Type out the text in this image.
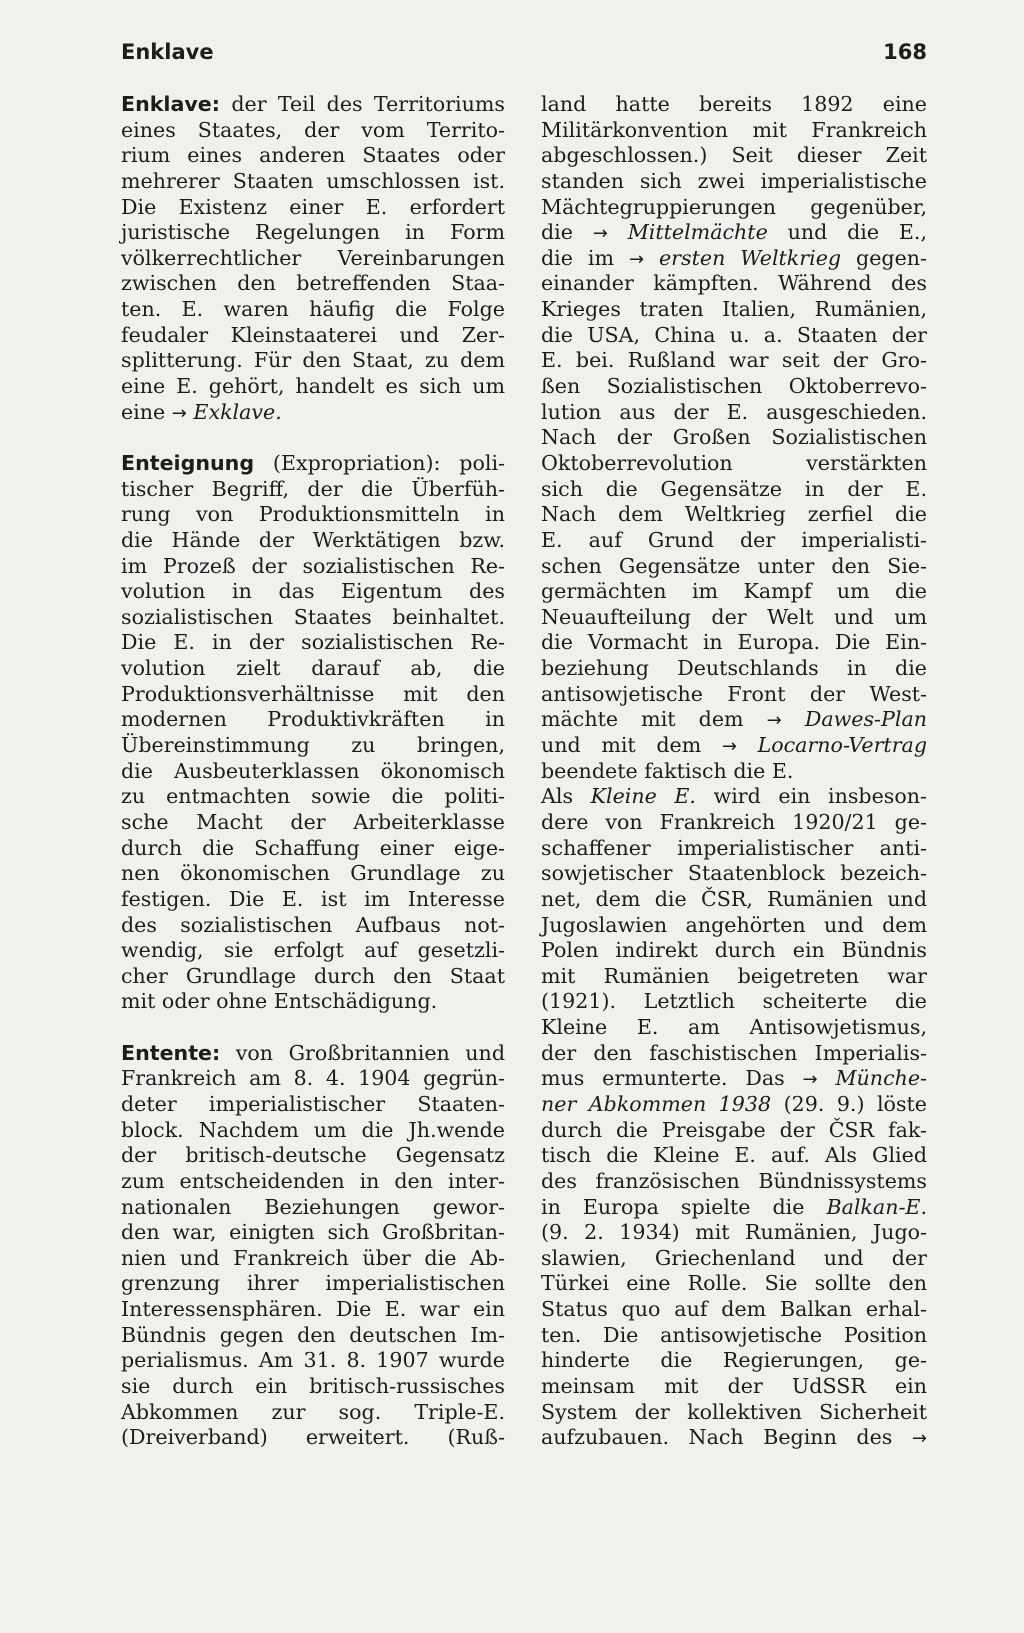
Enklave	168
Enklave: der Teil des Territoriums
eines Staates, der vom Territo-
rium eines anderen Staates oder
mehrerer Staaten umschlossen ist.
Die Existenz einer E. erfordert
juristische Regelungen in Form
völkerrechtlicher Vereinbarungen
zwischen den betreffenden Staa-
ten. E. waren häufig die Folge
feudaler Kleinstaaterei und Zer-
splitterung. Für den Staat, zu dem
eine E. gehört, handelt es sich um
eine → Exklave.
Enteignung (Expropriation): poli-
tischer Begriff, der die Überfüh-
rung von Produktionsmitteln in
die Hände der Werktätigen bzw.
im Prozeß der sozialistischen Re-
volution in das Eigentum des
sozialistischen Staates beinhaltet.
Die E. in der sozialistischen Re-
volution zielt darauf ab, die
Produktionsverhältnisse mit den
modernen Produktivkräften in
Übereinstimmung zu bringen,
die Ausbeuterklassen ökonomisch
zu entmachten sowie die politi-
sche Macht der Arbeiterklasse
durch die Schaffung einer eige-
nen ökonomischen Grundlage zu
festigen. Die E. ist im Interesse
des sozialistischen Aufbaus not-
wendig, sie erfolgt auf gesetzli-
cher Grundlage durch den Staat
mit oder ohne Entschädigung.
Entente: von Großbritannien und
Frankreich am 8. 4. 1904 gegrün-
deter imperialistischer Staaten-
block. Nachdem um die Jh.wende
der britisch-deutsche Gegensatz
zum entscheidenden in den inter-
nationalen Beziehungen gewor-
den war, einigten sich Großbritan-
nien und Frankreich über die Ab-
grenzung ihrer imperialistischen
Interessensphären. Die E. war ein
Bündnis gegen den deutschen Im-
perialismus. Am 31. 8. 1907 wurde
sie durch ein britisch-russisches
Abkommen zur sog. Triple-E.
(Dreiverband) erweitert. (Ruß-
land hatte bereits 1892 eine
Militärkonvention mit Frankreich
abgeschlossen.) Seit dieser Zeit
standen sich zwei imperialistische
Mächtegruppierungen gegenüber,
die → Mittelmächte und die E.,
die im → ersten Weltkrieg gegen-
einander kämpften. Während des
Krieges traten Italien, Rumänien,
die USA, China u. a. Staaten der
E. bei. Rußland war seit der Gro-
ßen Sozialistischen Oktoberrevo-
lution aus der E. ausgeschieden.
Nach der Großen Sozialistischen
Oktoberrevolution verstärkten
sich die Gegensätze in der E.
Nach dem Weltkrieg zerfiel die
E. auf Grund der imperialisti-
schen Gegensätze unter den Sie-
germächten im Kampf um die
Neuaufteilung der Welt und um
die Vormacht in Europa. Die Ein-
beziehung Deutschlands in die
antisowjetische Front der West-
mächte mit dem → Dawes-Plan
und mit dem → Locarno-Vertrag
beendete faktisch die E.
Als Kleine E. wird ein insbeson-
dere von Frankreich 1920/21 ge-
schaffener imperialistischer anti-
sowjetischer Staatenblock bezeich-
net, dem die ČSR, Rumänien und
Jugoslawien angehörten und dem
Polen indirekt durch ein Bündnis
mit Rumänien beigetreten war
(1921). Letztlich scheiterte die
Kleine E. am Antisowjetismus,
der den faschistischen Imperialis-
mus ermunterte. Das → Münche-
ner Abkommen 1938 (29. 9.) löste
durch die Preisgabe der ČSR fak-
tisch die Kleine E. auf. Als Glied
des französischen Bündnissystems
in Europa spielte die Balkan-E.
(9. 2. 1934) mit Rumänien, Jugo-
slawien, Griechenland und der
Türkei eine Rolle. Sie sollte den
Status quo auf dem Balkan erhal-
ten. Die antisowjetische Position
hinderte die Regierungen, ge-
meinsam mit der UdSSR ein
System der kollektiven Sicherheit
aufzubauen. Nach Beginn des →
